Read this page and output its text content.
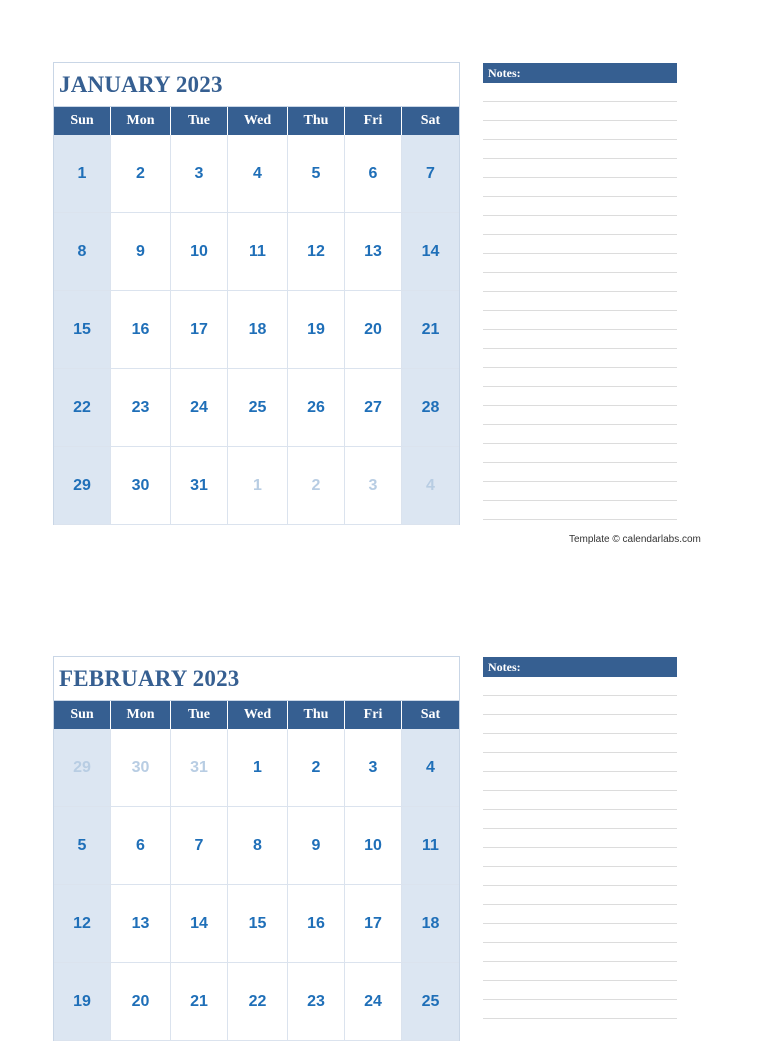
JANUARY 2023
Sun	Mon	Tue	Wed	Thu	Fri	Sat
1	2	3	4	5	6	7
8	9	10	11	12	13	14
15	16	17	18	19	20	21
22	23	24	25	26	27	28
29	30	31	1	2	3	4
Notes:
Template © calendarlabs.com
FEBRUARY 2023
Sun	Mon	Tue	Wed	Thu	Fri	Sat
29	30	31	1	2	3	4
5	6	7	8	9	10	11
12	13	14	15	16	17	18
19	20	21	22	23	24	25
Notes:
